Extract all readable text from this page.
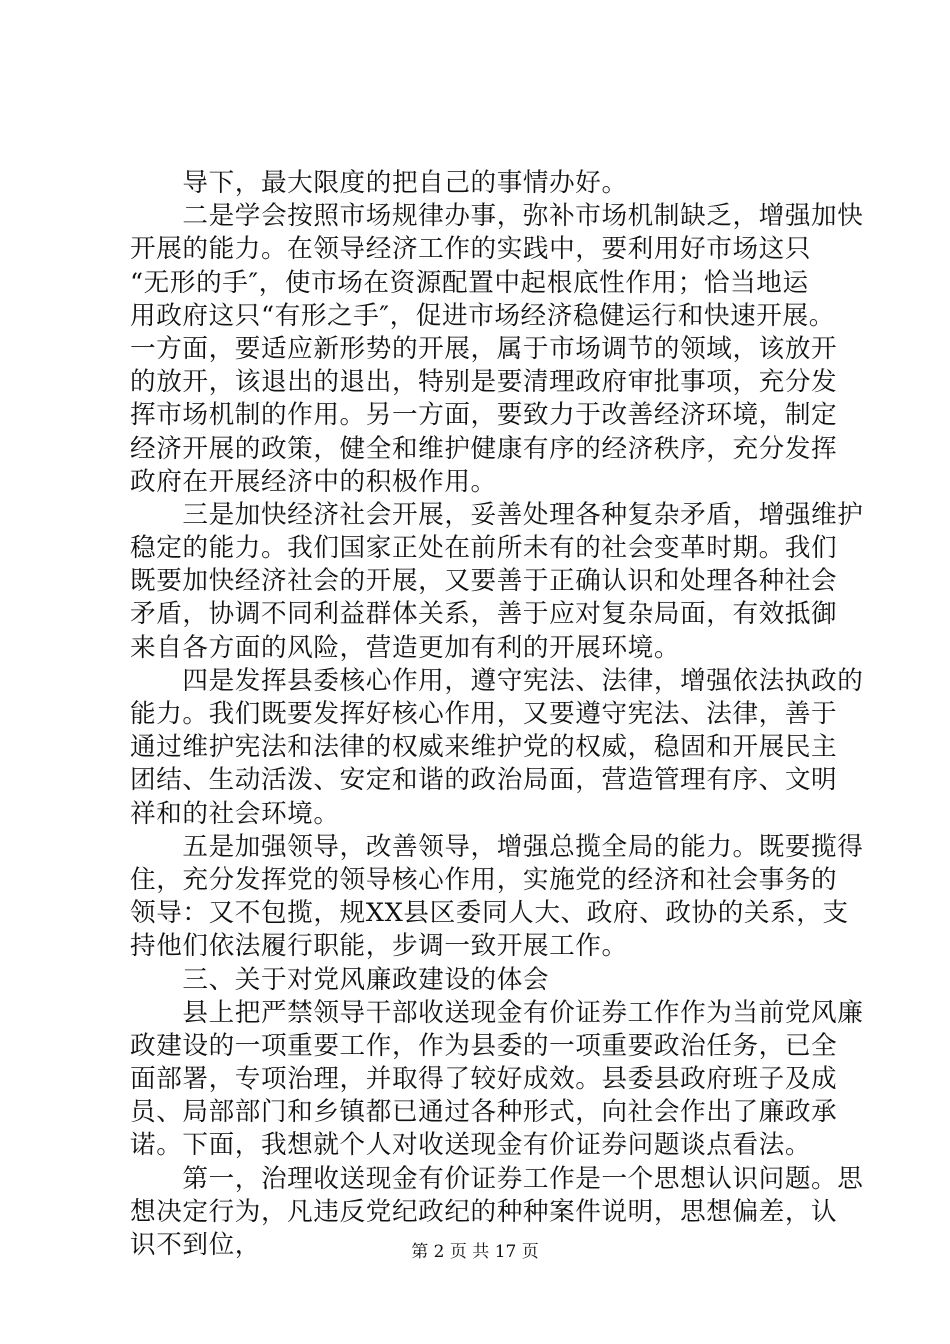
　　导下，最大限度的把自己的事情办好。
　　二是学会按照市场规律办事，弥补市场机制缺乏，增强加快
开展的能力。在领导经济工作的实践中，要利用好市场这只
“无形的手″，使市场在资源配置中起根底性作用；恰当地运
用政府这只“有形之手″，促进市场经济稳健运行和快速开展。
一方面，要适应新形势的开展，属于市场调节的领域，该放开
的放开，该退出的退出，特别是要清理政府审批事项，充分发
挥市场机制的作用。另一方面，要致力于改善经济环境，制定
经济开展的政策，健全和维护健康有序的经济秩序，充分发挥
政府在开展经济中的积极作用。
　　三是加快经济社会开展，妥善处理各种复杂矛盾，增强维护
稳定的能力。我们国家正处在前所未有的社会变革时期。我们
既要加快经济社会的开展，又要善于正确认识和处理各种社会
矛盾，协调不同利益群体关系，善于应对复杂局面，有效抵御
来自各方面的风险，营造更加有利的开展环境。
　　四是发挥县委核心作用，遵守宪法、法律，增强依法执政的
能力。我们既要发挥好核心作用，又要遵守宪法、法律，善于
通过维护宪法和法律的权威来维护党的权威，稳固和开展民主
团结、生动活泼、安定和谐的政治局面，营造管理有序、文明
祥和的社会环境。
　　五是加强领导，改善领导，增强总揽全局的能力。既要揽得
住，充分发挥党的领导核心作用，实施党的经济和社会事务的
领导：又不包揽，规XX县区委同人大、政府、政协的关系，支
持他们依法履行职能，步调一致开展工作。
　　三、关于对党风廉政建设的体会
　　县上把严禁领导干部收送现金有价证券工作作为当前党风廉
政建设的一项重要工作，作为县委的一项重要政治任务，已全
面部署，专项治理，并取得了较好成效。县委县政府班子及成
员、局部部门和乡镇都已通过各种形式，向社会作出了廉政承
诺。下面，我想就个人对收送现金有价证券问题谈点看法。
　　第一，治理收送现金有价证券工作是一个思想认识问题。思
想决定行为，凡违反党纪政纪的种种案件说明，思想偏差，认
识不到位，	第 2 页 共 17 页
